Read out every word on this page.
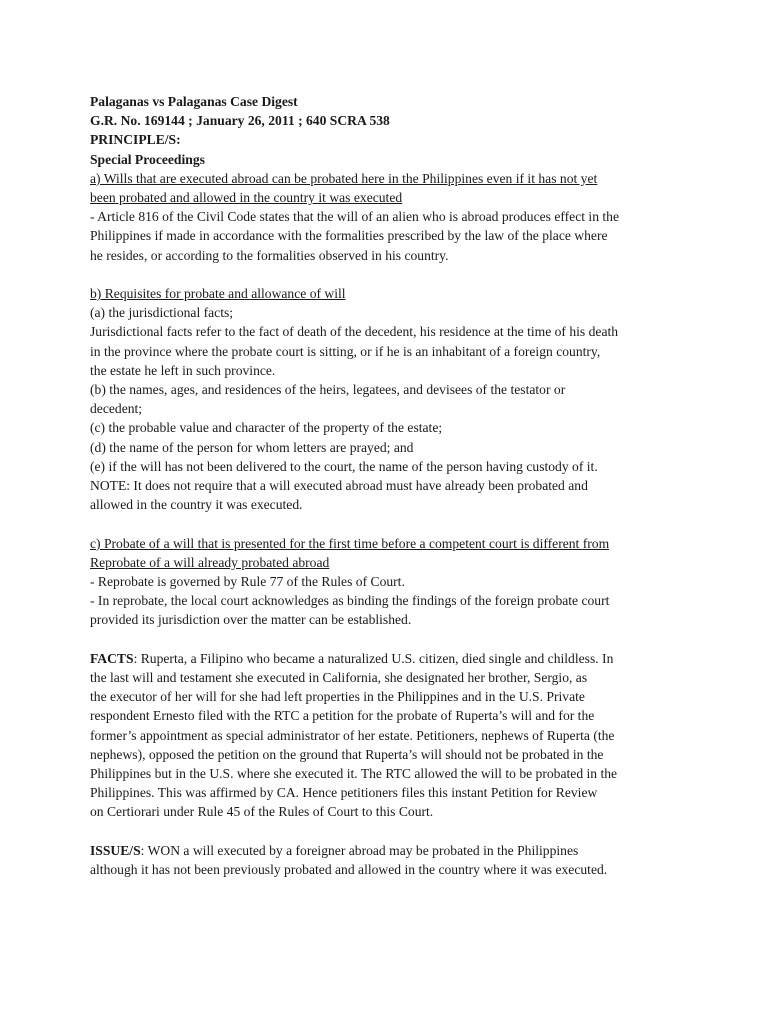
Palaganas vs Palaganas Case Digest
G.R. No. 169144 ; January 26, 2011 ; 640 SCRA 538
PRINCIPLE/S:
Special Proceedings
a) Wills that are executed abroad can be probated here in the Philippines even if it has not yet
been probated and allowed in the country it was executed
- Article 816 of the Civil Code states that the will of an alien who is abroad produces effect in the
Philippines if made in accordance with the formalities prescribed by the law of the place where
he resides, or according to the formalities observed in his country.
b) Requisites for probate and allowance of will
(a) the jurisdictional facts;
Jurisdictional facts refer to the fact of death of the decedent, his residence at the time of his death
in the province where the probate court is sitting, or if he is an inhabitant of a foreign country,
the estate he left in such province.
(b) the names, ages, and residences of the heirs, legatees, and devisees of the testator or
decedent;
(c) the probable value and character of the property of the estate;
(d) the name of the person for whom letters are prayed; and
(e) if the will has not been delivered to the court, the name of the person having custody of it.
NOTE: It does not require that a will executed abroad must have already been probated and
allowed in the country it was executed.
c) Probate of a will that is presented for the first time before a competent court is different from
Reprobate of a will already probated abroad
- Reprobate is governed by Rule 77 of the Rules of Court.
- In reprobate, the local court acknowledges as binding the findings of the foreign probate court
provided its jurisdiction over the matter can be established.
FACTS: Ruperta, a Filipino who became a naturalized U.S. citizen, died single and childless. In
the last will and testament she executed in California, she designated her brother, Sergio, as
the executor of her will for she had left properties in the Philippines and in the U.S. Private
respondent Ernesto filed with the RTC a petition for the probate of Ruperta’s will and for the
former’s appointment as special administrator of her estate. Petitioners, nephews of Ruperta (the
nephews), opposed the petition on the ground that Ruperta’s will should not be probated in the
Philippines but in the U.S. where she executed it. The RTC allowed the will to be probated in the
Philippines. This was affirmed by CA. Hence petitioners files this instant Petition for Review
on Certiorari under Rule 45 of the Rules of Court to this Court.
ISSUE/S: WON a will executed by a foreigner abroad may be probated in the Philippines
although it has not been previously probated and allowed in the country where it was executed.
